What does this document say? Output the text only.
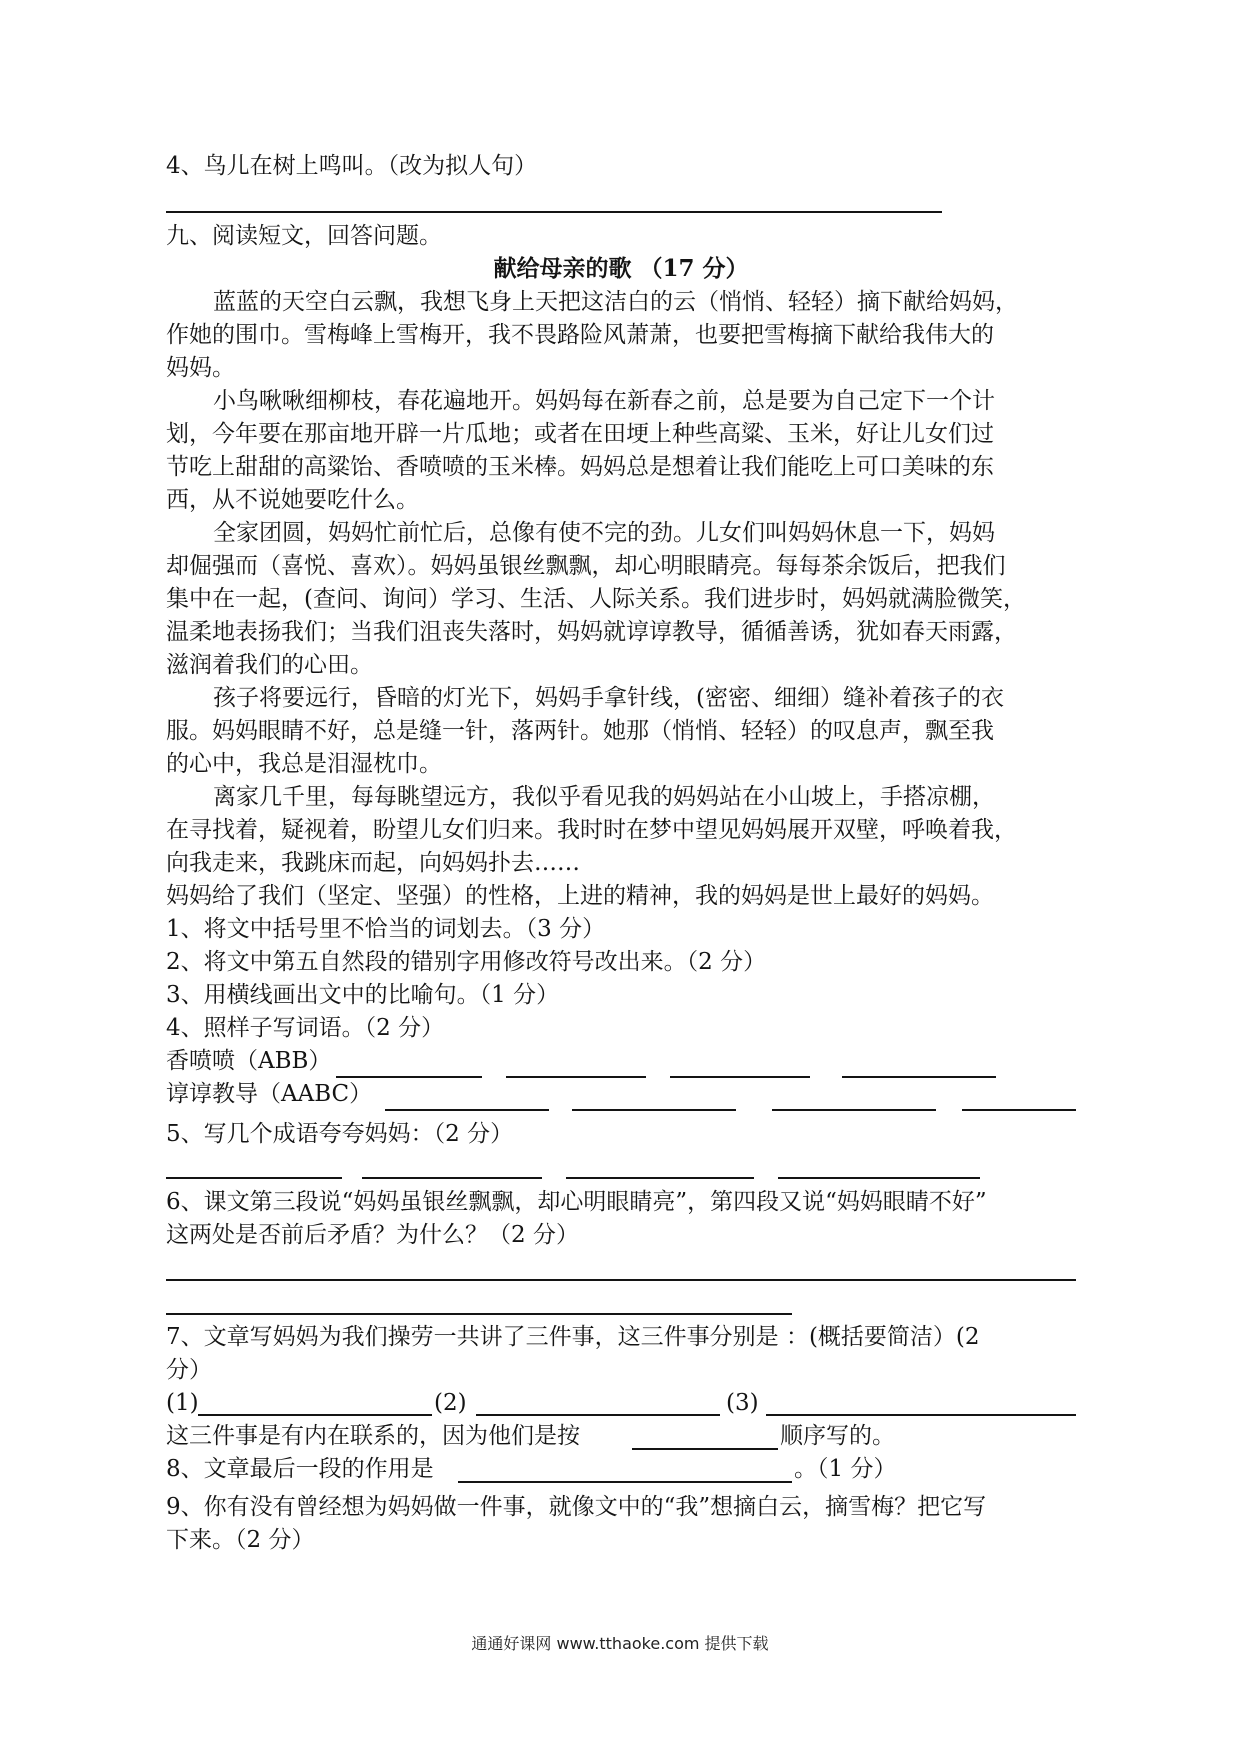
4、鸟儿在树上鸣叫。（改为拟人句）
九、阅读短文，回答问题。
献给母亲的歌 （17 分）
蓝蓝的天空白云飘，我想飞身上天把这洁白的云（悄悄、轻轻）摘下献给妈妈，
作她的围巾。雪梅峰上雪梅开，我不畏路险风萧萧，也要把雪梅摘下献给我伟大的
妈妈。
小鸟啾啾细柳枝，春花遍地开。妈妈每在新春之前，总是要为自己定下一个计
划，今年要在那亩地开辟一片瓜地；或者在田埂上种些高粱、玉米，好让儿女们过
节吃上甜甜的高粱饴、香喷喷的玉米棒。妈妈总是想着让我们能吃上可口美味的东
西，从不说她要吃什么。
全家团圆，妈妈忙前忙后，总像有使不完的劲。儿女们叫妈妈休息一下，妈妈
却倔强而（喜悦、喜欢）。妈妈虽银丝飘飘，却心明眼睛亮。每每茶余饭后，把我们
集中在一起，(查问、询问）学习、生活、人际关系。我们进步时，妈妈就满脸微笑，
温柔地表扬我们；当我们沮丧失落时，妈妈就谆谆教导，循循善诱，犹如春天雨露，
滋润着我们的心田。
孩子将要远行，昏暗的灯光下，妈妈手拿针线，(密密、细细）缝补着孩子的衣
服。妈妈眼睛不好，总是缝一针，落两针。她那（悄悄、轻轻）的叹息声，飘至我
的心中，我总是泪湿枕巾。
离家几千里，每每眺望远方，我似乎看见我的妈妈站在小山坡上，手搭凉棚，
在寻找着，疑视着，盼望儿女们归来。我时时在梦中望见妈妈展开双壁，呼唤着我，
向我走来，我跳床而起，向妈妈扑去……
妈妈给了我们（坚定、坚强）的性格，上进的精神，我的妈妈是世上最好的妈妈。
1、将文中括号里不恰当的词划去。（3 分）
2、将文中第五自然段的错别字用修改符号改出来。（2 分）
3、用横线画出文中的比喻句。（1 分）
4、照样子写词语。（2 分）
香喷喷（ABB）
谆谆教导（AABC）
5、写几个成语夸夸妈妈：（2 分）
6、课文第三段说“妈妈虽银丝飘飘，却心明眼睛亮”，第四段又说“妈妈眼睛不好”
这两处是否前后矛盾？为什么？（2 分）
7、文章写妈妈为我们操劳一共讲了三件事，这三件事分别是 ：(概括要简洁）(2
分）
(1)	(2)	(3)
这三件事是有内在联系的，因为他们是按	顺序写的。
8、文章最后一段的作用是	。（1 分）
9、你有没有曾经想为妈妈做一件事，就像文中的“我”想摘白云，摘雪梅？把它写
下来。（2 分）
通通好课网 www.tthaoke.com 提供下载
